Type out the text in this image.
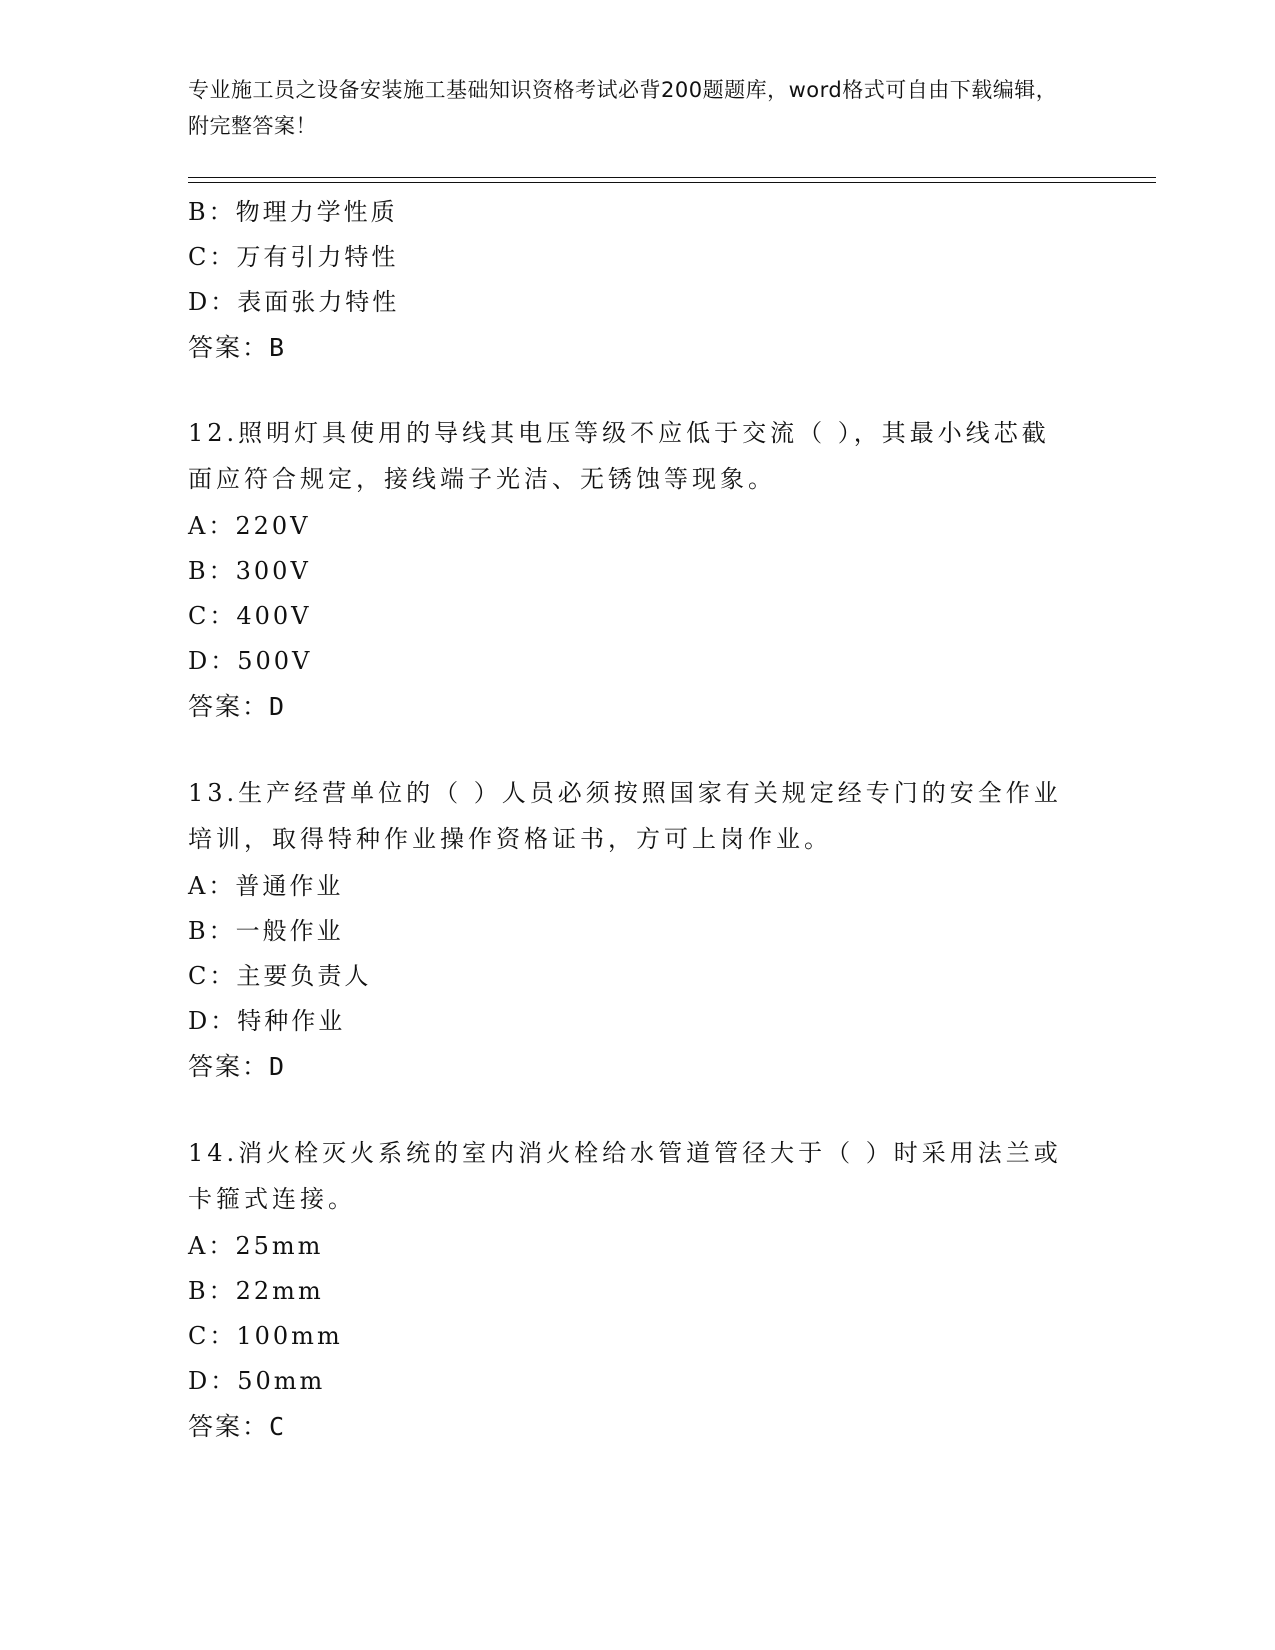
专业施工员之设备安装施工基础知识资格考试必背200题题库，word格式可自由下载编辑，附完整答案！
B：物理力学性质
C：万有引力特性
D：表面张力特性
答案：B
12.照明灯具使用的导线其电压等级不应低于交流（ ），其最小线芯截面应符合规定，接线端子光洁、无锈蚀等现象。
A：220V
B：300V
C：400V
D：500V
答案：D
13.生产经营单位的（ ）人员必须按照国家有关规定经专门的安全作业培训，取得特种作业操作资格证书，方可上岗作业。
A：普通作业
B：一般作业
C：主要负责人
D：特种作业
答案：D
14.消火栓灭火系统的室内消火栓给水管道管径大于（ ）时采用法兰或卡箍式连接。
A：25mm
B：22mm
C：100mm
D：50mm
答案：C
